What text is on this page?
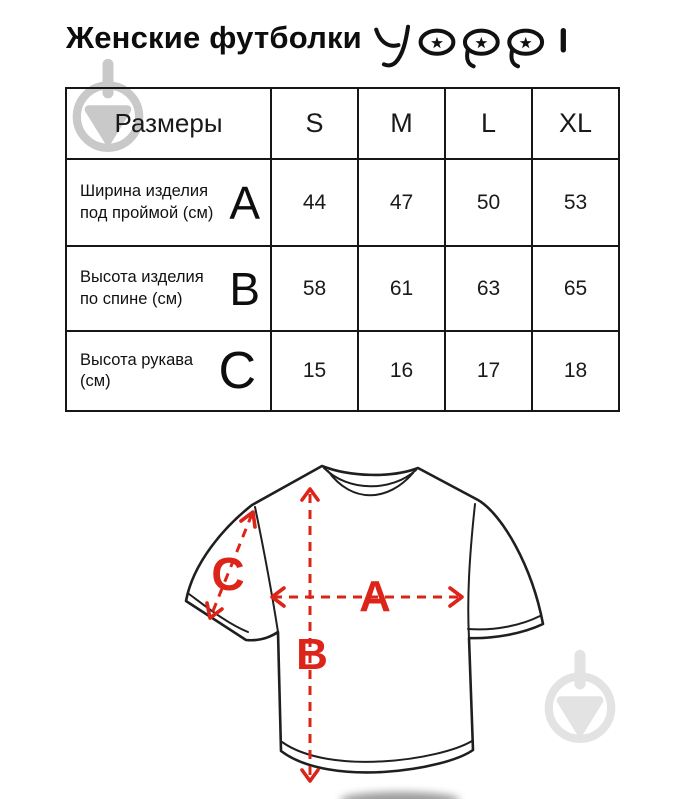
Женские футболки
Размеры	S	M	L	XL

Ширина изделия
под проймой (см) A	44	47	50	53

Высота изделия
по спине (см) B	58	61	63	65

Высота рукава (см) C	15	16	17	18
A
B
C
